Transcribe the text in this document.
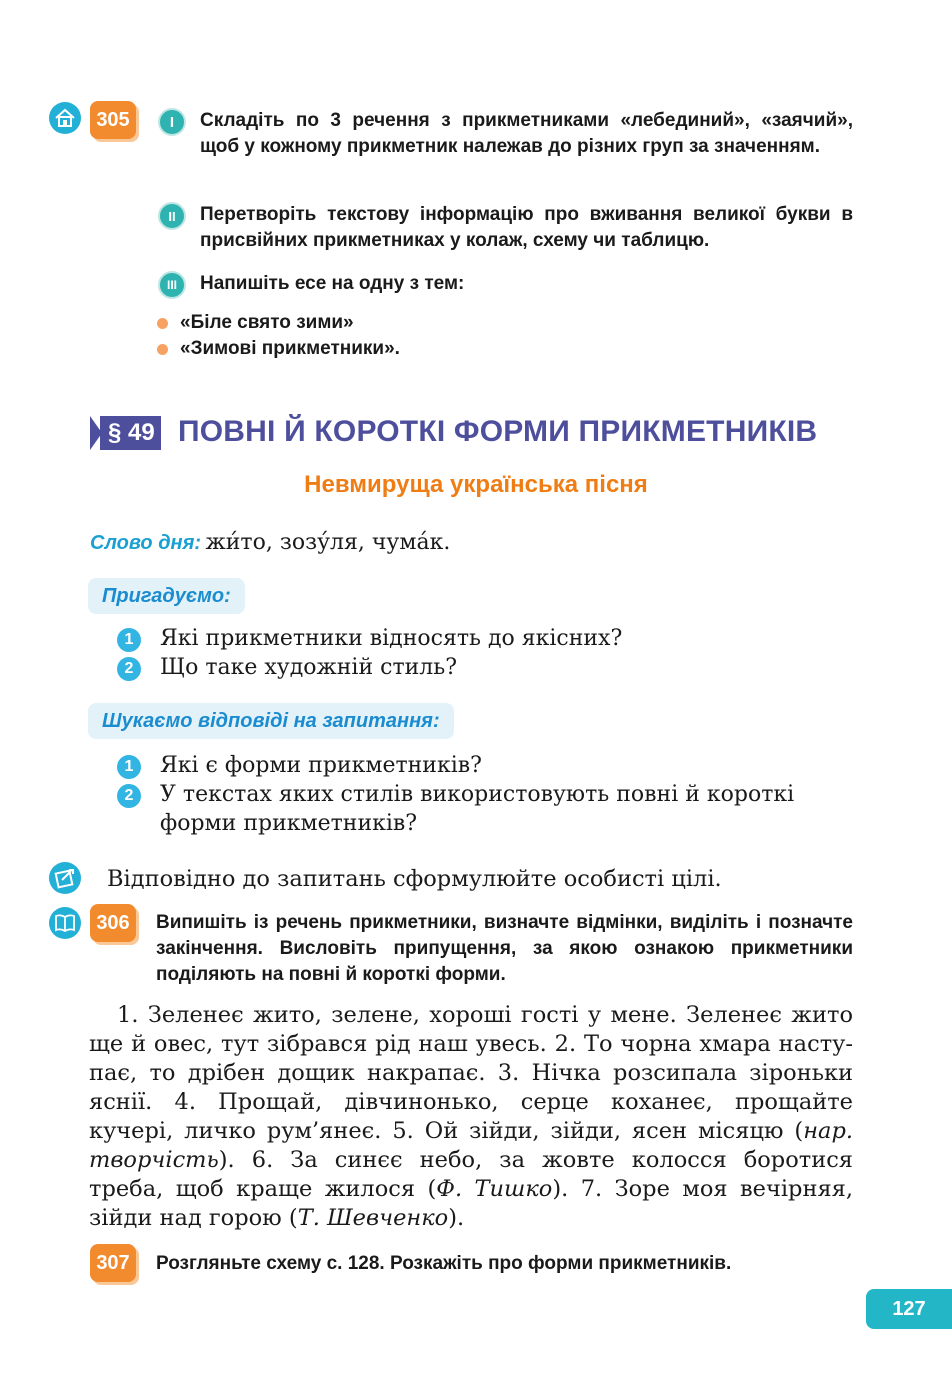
305	I	Складіть по 3 речення з прикметниками «лебединий», «заячий», щоб у кожному прикметник належав до різних груп за значенням.
II	Перетворіть текстову інформацію про вживання великої букви в присвійних прикметниках у колаж, схему чи таблицю.
III	Напишіть есе на одну з тем:
«Біле свято зими»
«Зимові прикметники».
§ 49 ПОВНІ Й КОРОТКІ ФОРМИ ПРИКМЕТНИКІВ
Невмируща українська пісня
Слово дня: жи́то, зозу́ля, чума́к.
Пригадуємо:
1	Які прикметники відносять до якісних?
2	Що таке художній стиль?
Шукаємо відповіді на запитання:
1	Які є форми прикметників?
2	У текстах яких стилів використовують повні й короткі форми прикметників?
Відповідно до запитань сформулюйте особисті цілі.
306	Випишіть із речень прикметники, визначте відмінки, виділіть і позначте закінчення. Висловіть припущення, за якою ознакою прикметники поділяють на повні й короткі форми.
1. Зеленеє жито, зелене, хороші гості у мене. Зеленеє жито ще й овес, тут зібрався рід наш увесь. 2. То чорна хмара наступає, то дрібен дощик накрапає. 3. Нічка розсипала зіроньки яснії. 4. Прощай, дівчинонько, серце коханеє, прощайте кучері, личко рум’янеє. 5. Ой зійди, зійди, ясен місяцю (нар. творчість). 6. За синєє небо, за жовте колосся боротися треба, щоб краще жилося (Ф. Тишко). 7. Зоре моя вечірняя, зійди над горою (Т. Шевченко).
307	Розгляньте схему с. 128. Розкажіть про форми прикметників.
127
